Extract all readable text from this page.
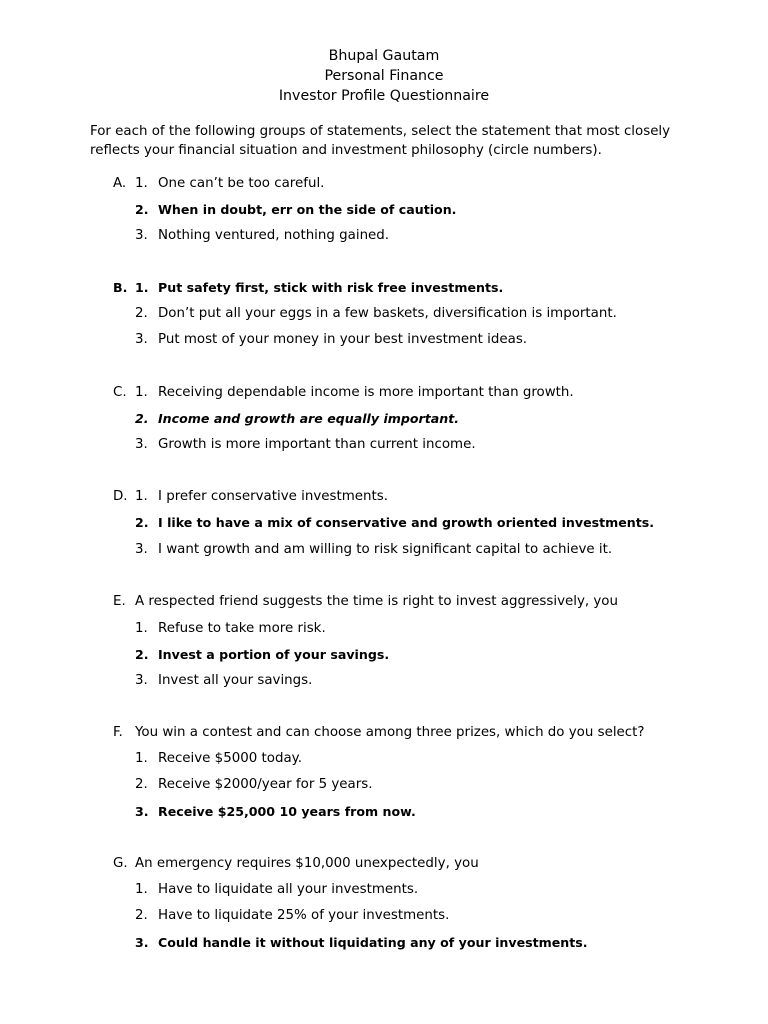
Bhupal Gautam
Personal Finance
Investor Profile Questionnaire
For each of the following groups of statements, select the statement that most closely
reflects your financial situation and investment philosophy (circle numbers).
A. 1. One can’t be too careful.
2. When in doubt, err on the side of caution.
3. Nothing ventured, nothing gained.
B. 1. Put safety first, stick with risk free investments.
2. Don’t put all your eggs in a few baskets, diversification is important.
3. Put most of your money in your best investment ideas.
C. 1. Receiving dependable income is more important than growth.
2. Income and growth are equally important.
3. Growth is more important than current income.
D. 1. I prefer conservative investments.
2. I like to have a mix of conservative and growth oriented investments.
3. I want growth and am willing to risk significant capital to achieve it.
E. A respected friend suggests the time is right to invest aggressively, you
1. Refuse to take more risk.
2. Invest a portion of your savings.
3. Invest all your savings.
F. You win a contest and can choose among three prizes, which do you select?
1. Receive $5000 today.
2. Receive $2000/year for 5 years.
3. Receive $25,000 10 years from now.
G. An emergency requires $10,000 unexpectedly, you
1. Have to liquidate all your investments.
2. Have to liquidate 25% of your investments.
3. Could handle it without liquidating any of your investments.
